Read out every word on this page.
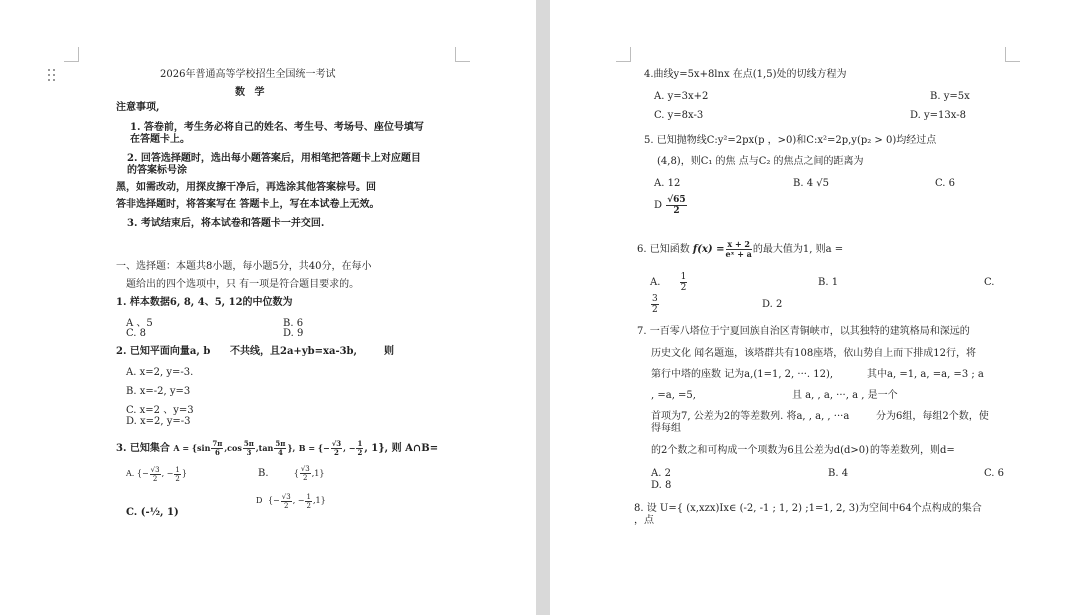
2026年普通高等学校招生全国统一考试
数 学
注意事项,
1. 答卷前，考生务必将自己的姓名、考生号、考场号、座位号填写
在答题卡上。
2. 回答选择题时，选出每小题答案后，用相笔把答题卡上对应题目
的答案标号涂
黑，如需改动，用探皮擦干净后，再选涂其他答案棕号。回
答非选择题时，将答案写在 答题卡上，写在本试卷上无效。
3. 考试结束后，将本试卷和答题卡一并交回.
一、选择题：本题共8小题，每小题5分，共40分，在每小
题给出的四个选项中，只 有一项是符合题目要求的。
1. 样本数据6, 8, 4、5, 12的中位数为
A 、5	B. 6
C. 8	D. 9
2. 已知平面向量a, b 不共线，且2a+yb=xa-3b,	则
A. x=2, y=-3.
B. x=-2, y=3
C. x=2 、y=3
D. x=2, y=-3
3. 已知集合 $A = \{\sin \frac{7\pi}{6} ,\cos \frac{5\pi}{3} ,\tan \frac{5\pi}{4}$ }, B = {− $\frac{√3}{2}$ , − $\frac{1}{2}$ , 1}, 则 A∩B=
A. {− $\frac{√3}{2}$ , − $\frac{1}{2}$ }	B.	{ $\frac{√3}{2} ,1$}
D {− $\frac{√3}{2}$ , − $\frac{1}{2} ,1$}
C. (-½, 1)
4.曲线y=5x+8lnx 在点(1,5)处的切线方程为
A. y=3x+2	B. y=5x
C. y=8x-3	D. y=13x-8
5. 已知抛物线C:y²=2px(p ，>0)和C:x²=2p,y(p₂ > 0)均经过点
(4,8)，则C₁ 的焦 点与C₂ 的焦点之间的距离为
A. 12	B. 4 √5	C. 6
D $\frac{√65}{2}$
6. 已知函数 $f(x) = \frac{x + 2}{\text{eˣ + a}}$ 的最大值为1, 则a =
A. $\frac{1}{2}$	B. 1	C.
$\frac{3}{2}$	D. 2
7. 一百零八塔位于宁夏回族自治区青铜峡市，以其独特的建筑格局和深远的
历史文化 闻名题迤，该塔群共有108座塔，依山势自上而下排成12行，将
第行中塔的座数 记为a,(1=1, 2, ···. 12),	其中a, =1, a, =a, =3 ; a
, =a, =5,	且 a, , a, ···, a , 是一个
首项为7, 公差为2的等差数列. 将a, , a, , ···a	分为6组，每组2个数，使
得每组
的2个数之和可构成一个项数为6且公差为d(d>0) 的等差数列，则d=
A. 2	B. 4	C. 6
D. 8
8. 设 U={ (x,xzx)Ix∈ (-2, -1 ; 1, 2) ;1=1, 2, 3)为空间中64个点构成的集合
，点
